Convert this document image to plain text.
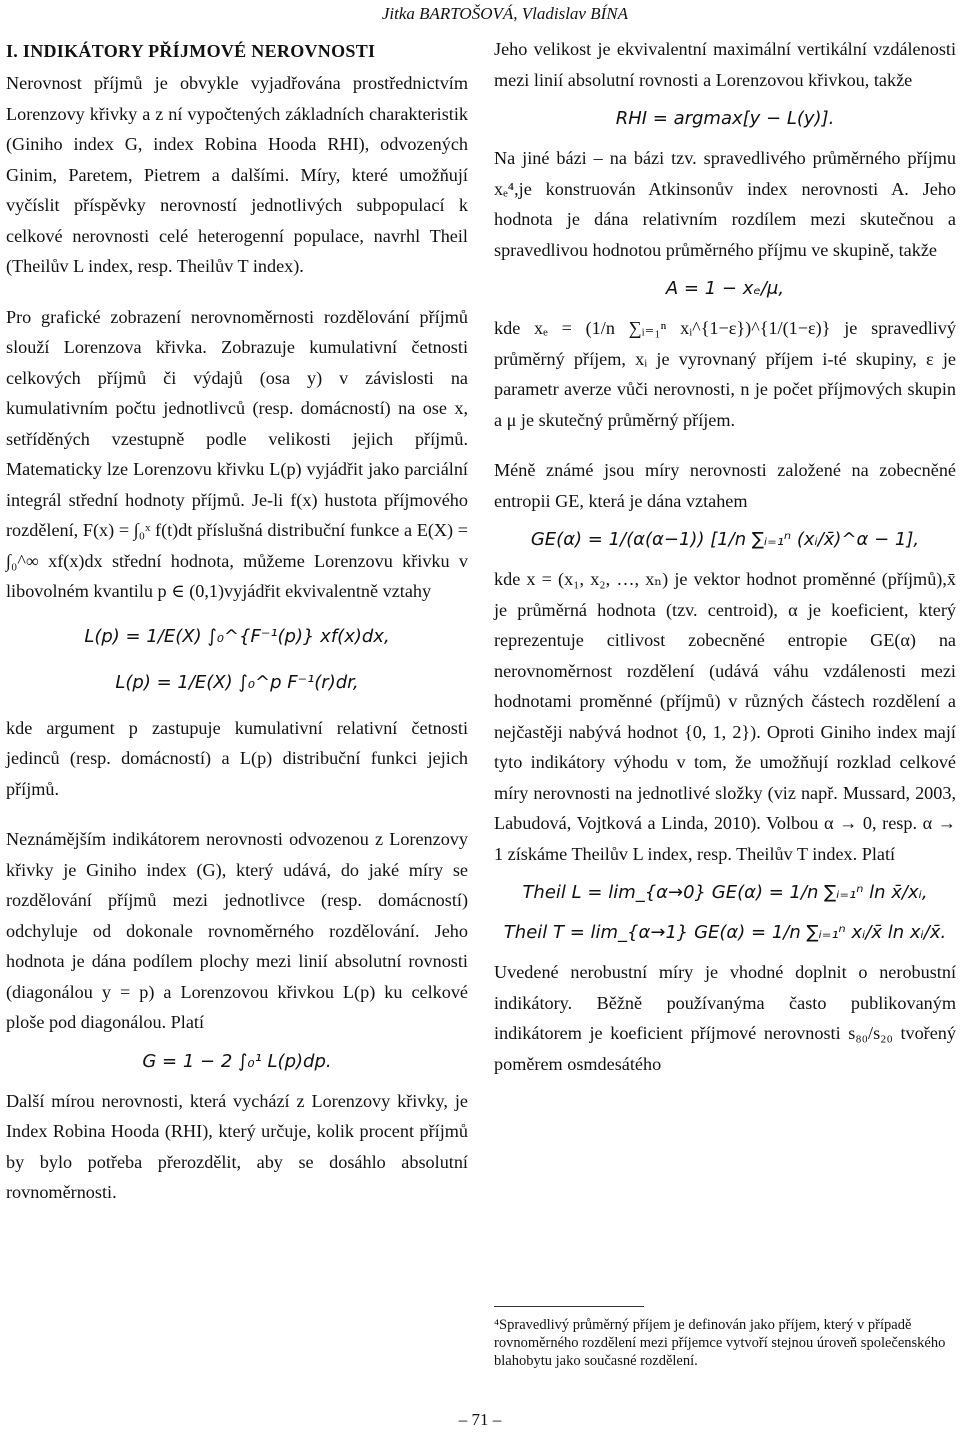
Jitka BARTOŠOVÁ, Vladislav BÍNA

I. INDIKÁTORY PŘÍJMOVÉ NEROVNOSTI

Nerovnost příjmů je obvykle vyjadřována prostřednictvím Lorenzovy křivky a z ní vypočtených základních charakteristik (Giniho index G, index Robina Hooda RHI), odvozených Ginim, Paretem, Pietrem a dalšími. Míry, které umožňují vyčíslit příspěvky nerovností jednotlivých subpopulací k celkové nerovnosti celé heterogenní populace, navrhl Theil (Theilův L index, resp. Theilův T index).

Pro grafické zobrazení nerovnoměrnosti rozdělování příjmů slouží Lorenzova křivka. Zobrazuje kumulativní četnosti celkových příjmů či výdajů (osa y) v závislosti na kumulativním počtu jednotlivců (resp. domácností) na ose x, setříděných vzestupně podle velikosti jejich příjmů. Matematicky lze Lorenzovu křivku L(p) vyjádřit jako parciální integrál střední hodnoty příjmů. Je-li f(x) hustota příjmového rozdělení, F(x) = ∫₀ˣ f(t)dt příslušná distribuční funkce a E(X) = ∫₀^∞ xf(x)dx střední hodnota, můžeme Lorenzovu křivku v libovolném kvantilu p ∈ (0,1)vyjádřit ekvivalentně vztahy

L(p) = 1/E(X) ∫₀^{F⁻¹(p)} xf(x)dx,
L(p) = 1/E(X) ∫₀^p F⁻¹(r)dr,

kde argument p zastupuje kumulativní relativní četnosti jedinců (resp. domácností) a L(p) distribuční funkci jejich příjmů.

Neznámějším indikátorem nerovnosti odvozenou z Lorenzovy křivky je Giniho index (G), který udává, do jaké míry se rozdělování příjmů mezi jednotlivce (resp. domácností) odchyluje od dokonale rovnoměrného rozdělování. Jeho hodnota je dána podílem plochy mezi linií absolutní rovnosti (diagonálou y = p) a Lorenzovou křivkou L(p) ku celkové ploše pod diagonálou. Platí

G = 1 − 2 ∫₀¹ L(p)dp.

Další mírou nerovnosti, která vychází z Lorenzovy křivky, je Index Robina Hooda (RHI), který určuje, kolik procent příjmů by bylo potřeba přerozdělit, aby se dosáhlo absolutní rovnoměrnosti.

Jeho velikost je ekvivalentní maximální vertikální vzdálenosti mezi linií absolutní rovnosti a Lorenzovou křivkou, takže

RHI = argmax[y − L(y)].

Na jiné bázi – na bázi tzv. spravedlivého průměrného příjmu xₑ⁴,je konstruován Atkinsonův index nerovnosti A. Jeho hodnota je dána relativním rozdílem mezi skutečnou a spravedlivou hodnotou průměrného příjmu ve skupině, takže

A = 1 − xₑ/μ,

kde xₑ = (1/n ∑ᵢ₌₁ⁿ xᵢ^{1−ε})^{1/(1−ε)} je spravedlivý průměrný příjem, xᵢ je vyrovnaný příjem i-té skupiny, ε je parametr averze vůči nerovnosti, n je počet příjmových skupin a μ je skutečný průměrný příjem.

Méně známé jsou míry nerovnosti založené na zobecněné entropii GE, která je dána vztahem

GE(α) = 1/(α(α−1)) [1/n ∑ᵢ₌₁ⁿ (xᵢ/x̄)^α − 1],

kde x = (x₁, x₂, …, xₙ) je vektor hodnot proměnné (příjmů),x̄ je průměrná hodnota (tzv. centroid), α je koeficient, který reprezentuje citlivost zobecněné entropie GE(α) na nerovnoměrnost rozdělení (udává váhu vzdálenosti mezi hodnotami proměnné (příjmů) v různých částech rozdělení a nejčastěji nabývá hodnot {0, 1, 2}). Oproti Giniho index mají tyto indikátory výhodu v tom, že umožňují rozklad celkové míry nerovnosti na jednotlivé složky (viz např. Mussard, 2003, Labudová, Vojtková a Linda, 2010). Volbou α → 0, resp. α → 1 získáme Theilův L index, resp. Theilův T index. Platí

Theil L = lim_{α→0} GE(α) = 1/n ∑ᵢ₌₁ⁿ ln x̄/xᵢ,
Theil T = lim_{α→1} GE(α) = 1/n ∑ᵢ₌₁ⁿ xᵢ/x̄ ln xᵢ/x̄.

Uvedené nerobustní míry je vhodné doplnit o nerobustní indikátory. Běžně používanýma často publikovaným indikátorem je koeficient příjmové nerovnosti s₈₀/s₂₀ tvořený poměrem osmdesátého

⁴Spravedlivý průměrný příjem je definován jako příjem, který v případě rovnoměrného rozdělení mezi příjemce vytvoří stejnou úroveň společenského blahobytu jako současné rozdělení.
– 71 –
